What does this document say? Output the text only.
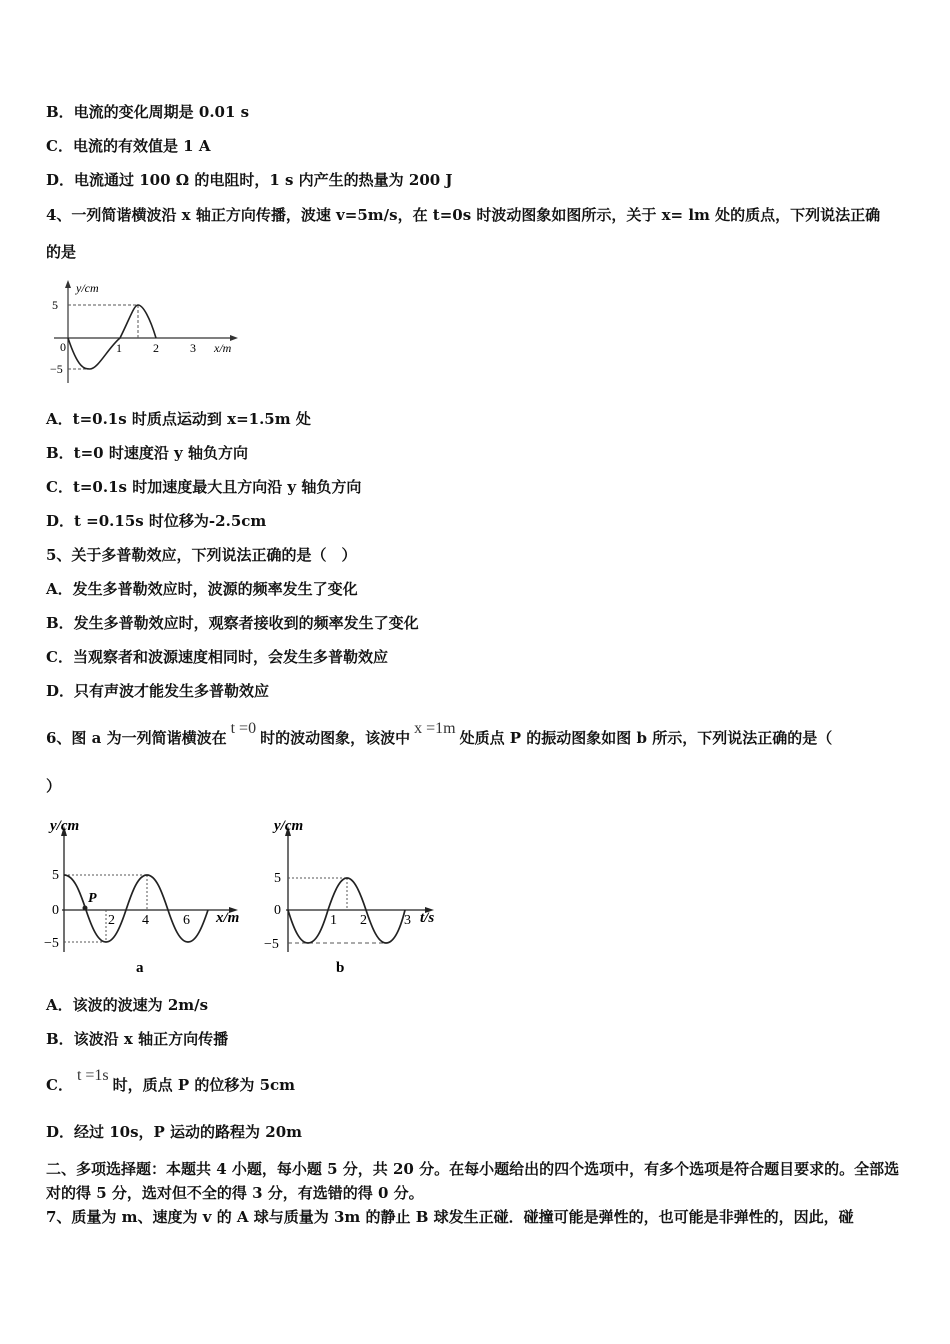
B．电流的变化周期是 0.01 s
C．电流的有效值是 1 A
D．电流通过 100 Ω 的电阻时，1 s 内产生的热量为 200 J
4、一列简谐横波沿 x 轴正方向传播，波速 v=5m/s，在 t=0s 时波动图象如图所示，关于 x= lm 处的质点，下列说法正确
的是
y/cm
x/m
5
0
−5
1	2	3
A．t=0.1s 时质点运动到 x=1.5m 处
B．t=0 时速度沿 y 轴负方向
C．t=0.1s 时加速度最大且方向沿 y 轴负方向
D．t =0.15s 时位移为-2.5cm
5、关于多普勒效应，下列说法正确的是（　）
A．发生多普勒效应时，波源的频率发生了变化
B．发生多普勒效应时，观察者接收到的频率发生了变化
C．当观察者和波源速度相同时，会发生多普勒效应
D．只有声波才能发生多普勒效应
6、图 a 为一列简谐横波在t =0时的波动图象，该波中x =1m处质点 P 的振动图象如图 b 所示，下列说法正确的是（
）
P
y/cm
x/m
5
0
−5
2 4 6
a
y/cm
t/s
5
0
−5
1 2	3
b
A．该波的波速为 2m/s
B．该波沿 x 轴正方向传播
C．t =1s时，质点 P 的位移为 5cm
D．经过 10s，P 运动的路程为 20m
二、多项选择题：本题共 4 小题，每小题 5 分，共 20 分。在每小题给出的四个选项中，有多个选项是符合题目要求的。全部选对的得 5 分，选对但不全的得 3 分，有选错的得 0 分。
7、质量为 m、速度为 v 的 A 球与质量为 3m 的静止 B 球发生正碰．碰撞可能是弹性的，也可能是非弹性的，因此，碰
